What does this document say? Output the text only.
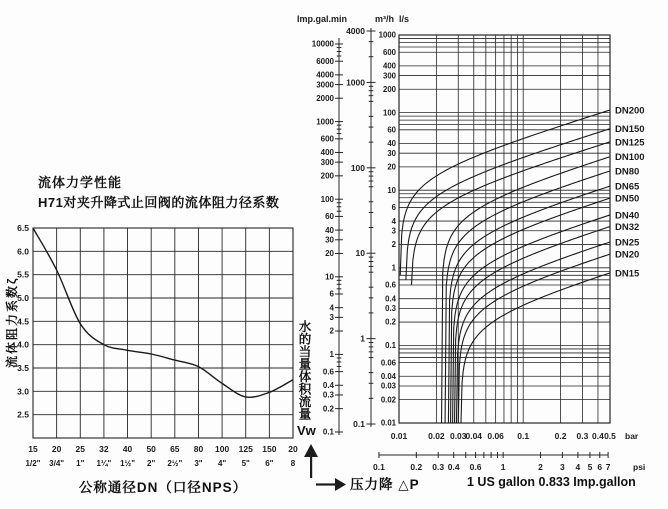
流体力学性能
H71对夹升降式止回阀的流体阻力径系数
流体阻力系数ζ
6.5
6.0
5.5
5.0
4.5
4.0
3.5
3.0
2.5
15 20 25 32 40 50 65 80 100 125 150 20
1/2" 3/4" 1" 1¼" 1½" 2" 2½" 3" 4" 5" 6" 8
公称通径DN（口径NPS）
Imp.gal.min	m³/h l/s
10000
6000
4000
3000
2000
1000
600
400
300
200
100
60
40
30
20
10
6
4
3
2
1
0.6
0.4
0.3
0.2
0.1
4000
1000
100
10
1
0.1
1000
600
400
300
200
100
60
40
30
20
10
6
4
3
2
1
0.6
0.4
0.3
0.2
0.1
0.06
0.04
0.03
0.02
0.01
0.01 0.02 0.03
0.04 0.06 0.1	0.2 0.3 0.4 0.5 bar
0.1	0.2 0.3 0.4 0.6 1	2 3 4 5 6 7	psi
DN200
DN150
DN125
DN100
DN80
DN65
DN50
DN40
DN32
DN25
DN20
DN15
水的当量体积流量
Vw
压力降 △P	1 US gallon 0.833 Imp.gallon
